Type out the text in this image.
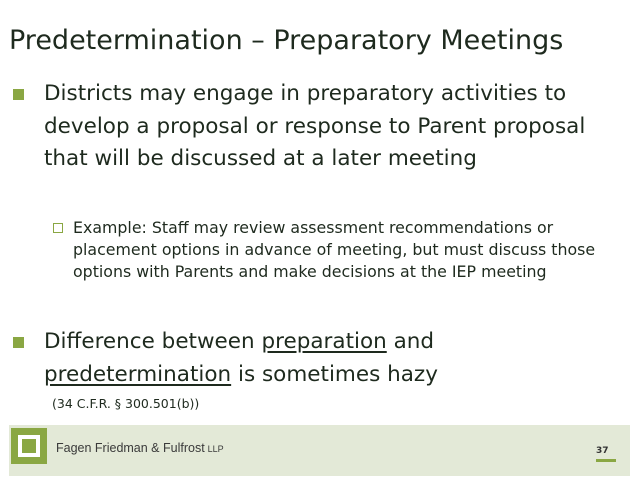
Predetermination – Preparatory Meetings
Districts may engage in preparatory activities to develop a proposal or response to Parent proposal that will be discussed at a later meeting
Example: Staff may review assessment recommendations or placement options in advance of meeting, but must discuss those options with Parents and make decisions at the IEP meeting
Difference between preparation and
predetermination is sometimes hazy
(34 C.F.R. § 300.501(b))
Fagen Friedman & Fulfrost LLP	37
